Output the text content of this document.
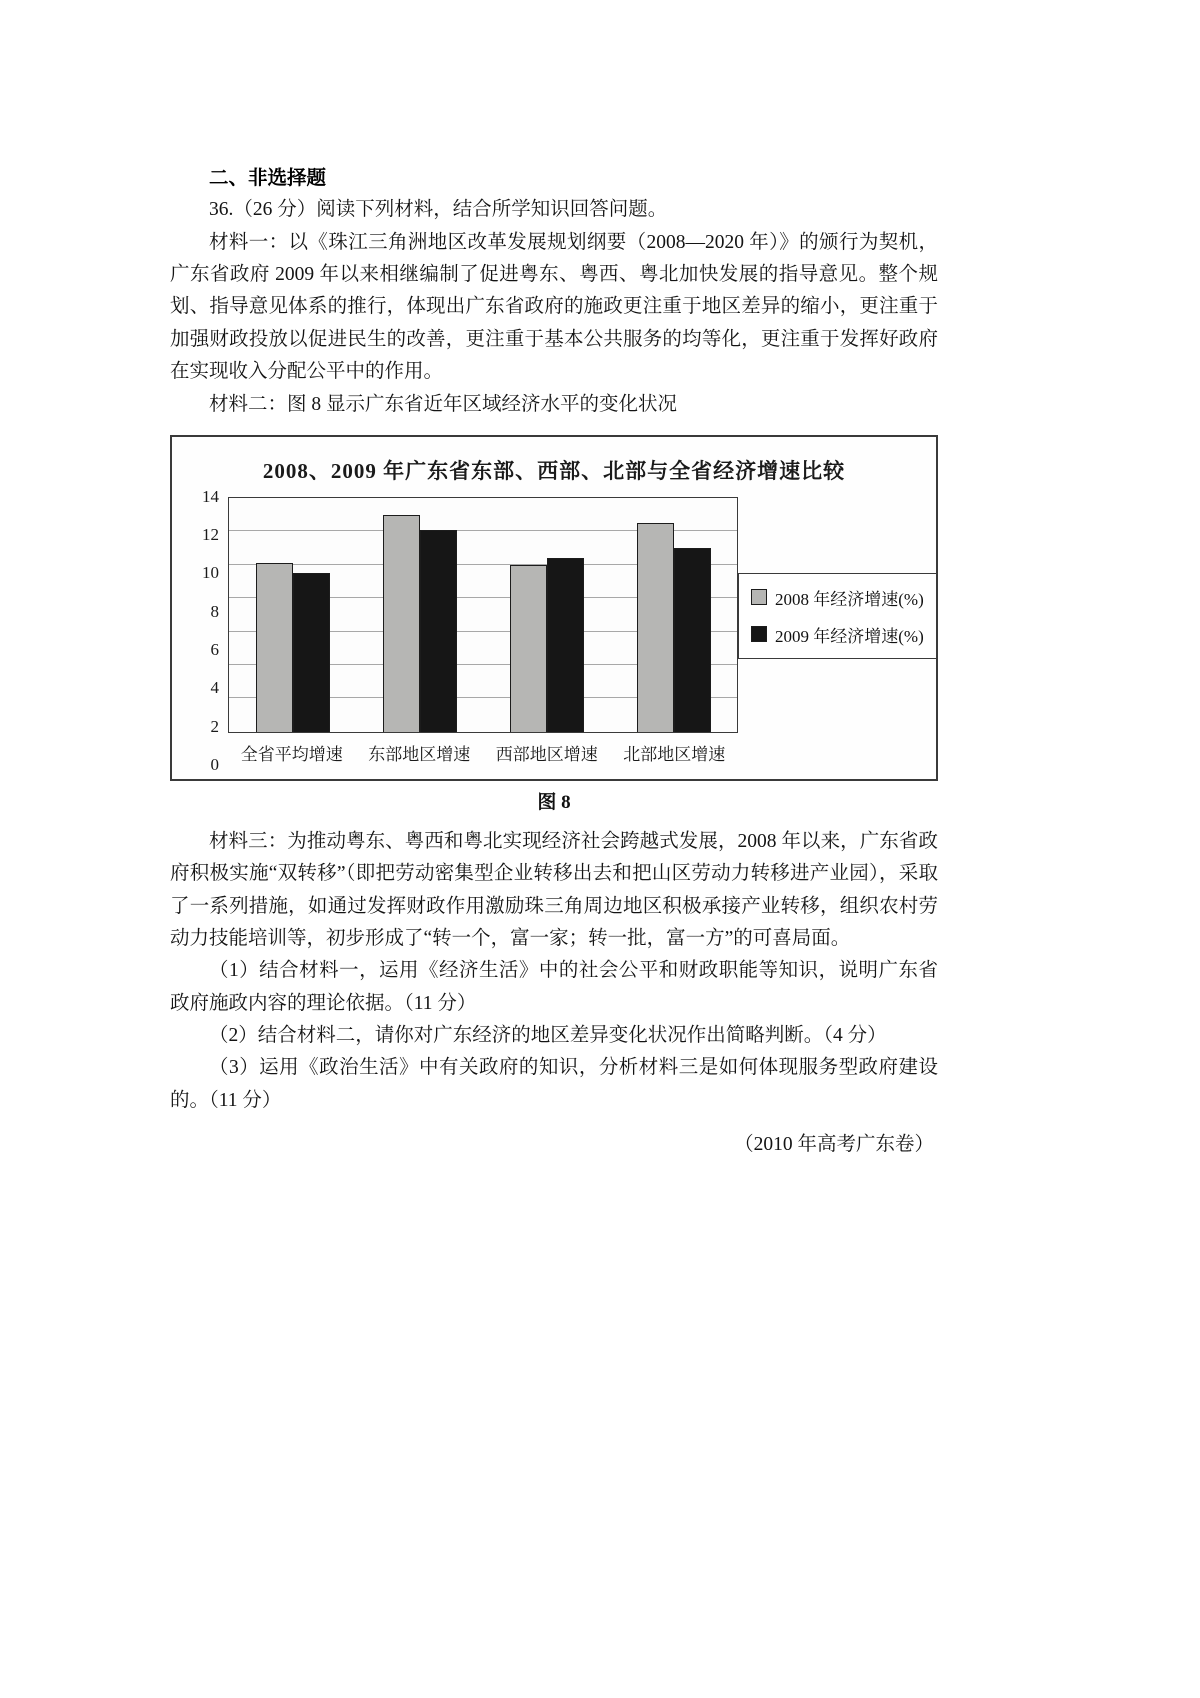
二、非选择题

36.（26 分）阅读下列材料，结合所学知识回答问题。

材料一：以《珠江三角洲地区改革发展规划纲要（2008—2020 年）》的颁行为契机，广东省政府 2009 年以来相继编制了促进粤东、粤西、粤北加快发展的指导意见。整个规划、指导意见体系的推行，体现出广东省政府的施政更注重于地区差异的缩小，更注重于加强财政投放以促进民生的改善，更注重于基本公共服务的均等化，更注重于发挥好政府在实现收入分配公平中的作用。

材料二：图 8 显示广东省近年区域经济水平的变化状况

2008、2009 年广东省东部、西部、北部与全省经济增速比较
0
2
4
6
8
10
12
14
全省平均增速	东部地区增速	西部地区增速	北部地区增速
2008 年经济增速(%)
2009 年经济增速(%)

图 8

材料三：为推动粤东、粤西和粤北实现经济社会跨越式发展，2008 年以来，广东省政府积极实施“双转移”（即把劳动密集型企业转移出去和把山区劳动力转移进产业园），采取了一系列措施，如通过发挥财政作用激励珠三角周边地区积极承接产业转移，组织农村劳动力技能培训等，初步形成了“转一个，富一家；转一批，富一方”的可喜局面。

（1）结合材料一，运用《经济生活》中的社会公平和财政职能等知识，说明广东省政府施政内容的理论依据。（11 分）

（2）结合材料二，请你对广东经济的地区差异变化状况作出简略判断。（4 分）

（3）运用《政治生活》中有关政府的知识，分析材料三是如何体现服务型政府建设的。（11 分）

（2010 年高考广东卷）
